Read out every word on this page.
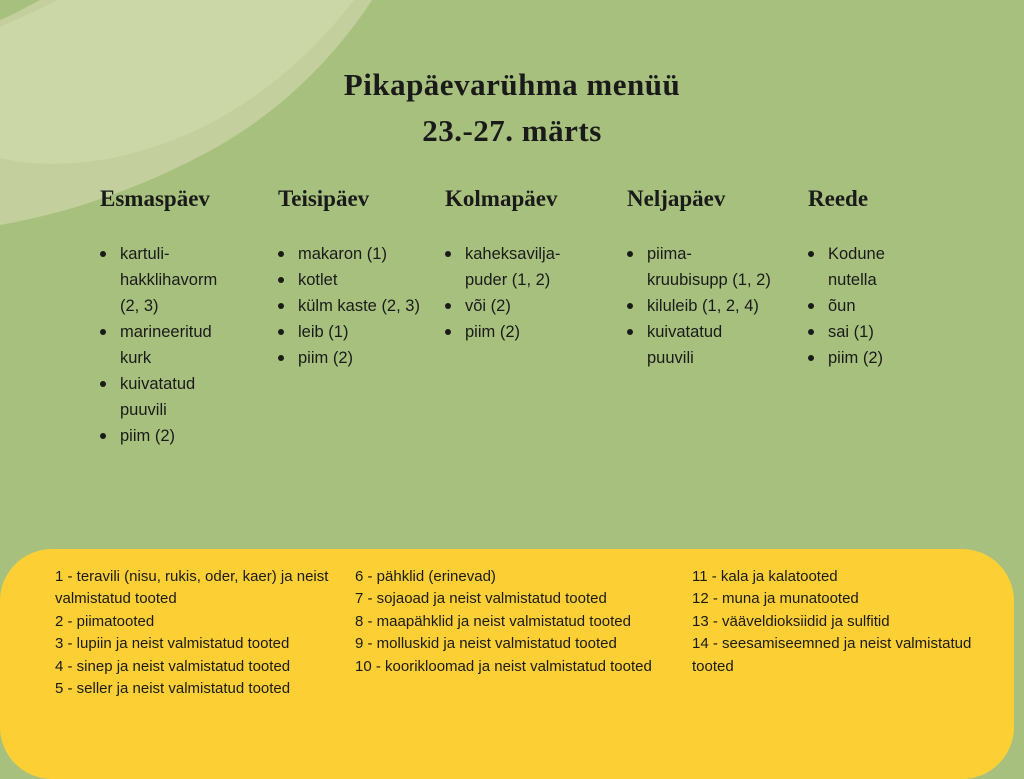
Pikapäevarühma menüü
23.-27. märts
Esmaspäev
kartuli-hakklihavorm (2, 3)
marineeritud kurk
kuivatatud puuvili
piim (2)
Teisipäev
makaron (1)
kotlet
külm kaste (2, 3)
leib (1)
piim (2)
Kolmapäev
kaheksavilja-puder (1, 2)
või (2)
piim (2)
Neljapäev
piima-kruubisupp (1, 2)
kiluleib (1, 2, 4)
kuivatatud puuvili
Reede
Kodune nutella
õun
sai (1)
piim (2)

1 - teravili (nisu, rukis, oder, kaer) ja neist valmistatud tooted

2 - piimatooted

3 - lupiin ja neist valmistatud tooted

4 - sinep ja neist valmistatud tooted

5 - seller ja neist valmistatud tooted

6 - pähklid (erinevad)

7 - sojaoad ja neist valmistatud tooted

8 - maapähklid ja neist valmistatud tooted

9 - molluskid ja neist valmistatud tooted

10 - koorikloomad ja neist valmistatud tooted

11 - kala ja kalatooted

12 - muna ja munatooted

13 - vääveldioksiidid ja sulfitid

14 - seesamiseemned ja neist valmistatud tooted
